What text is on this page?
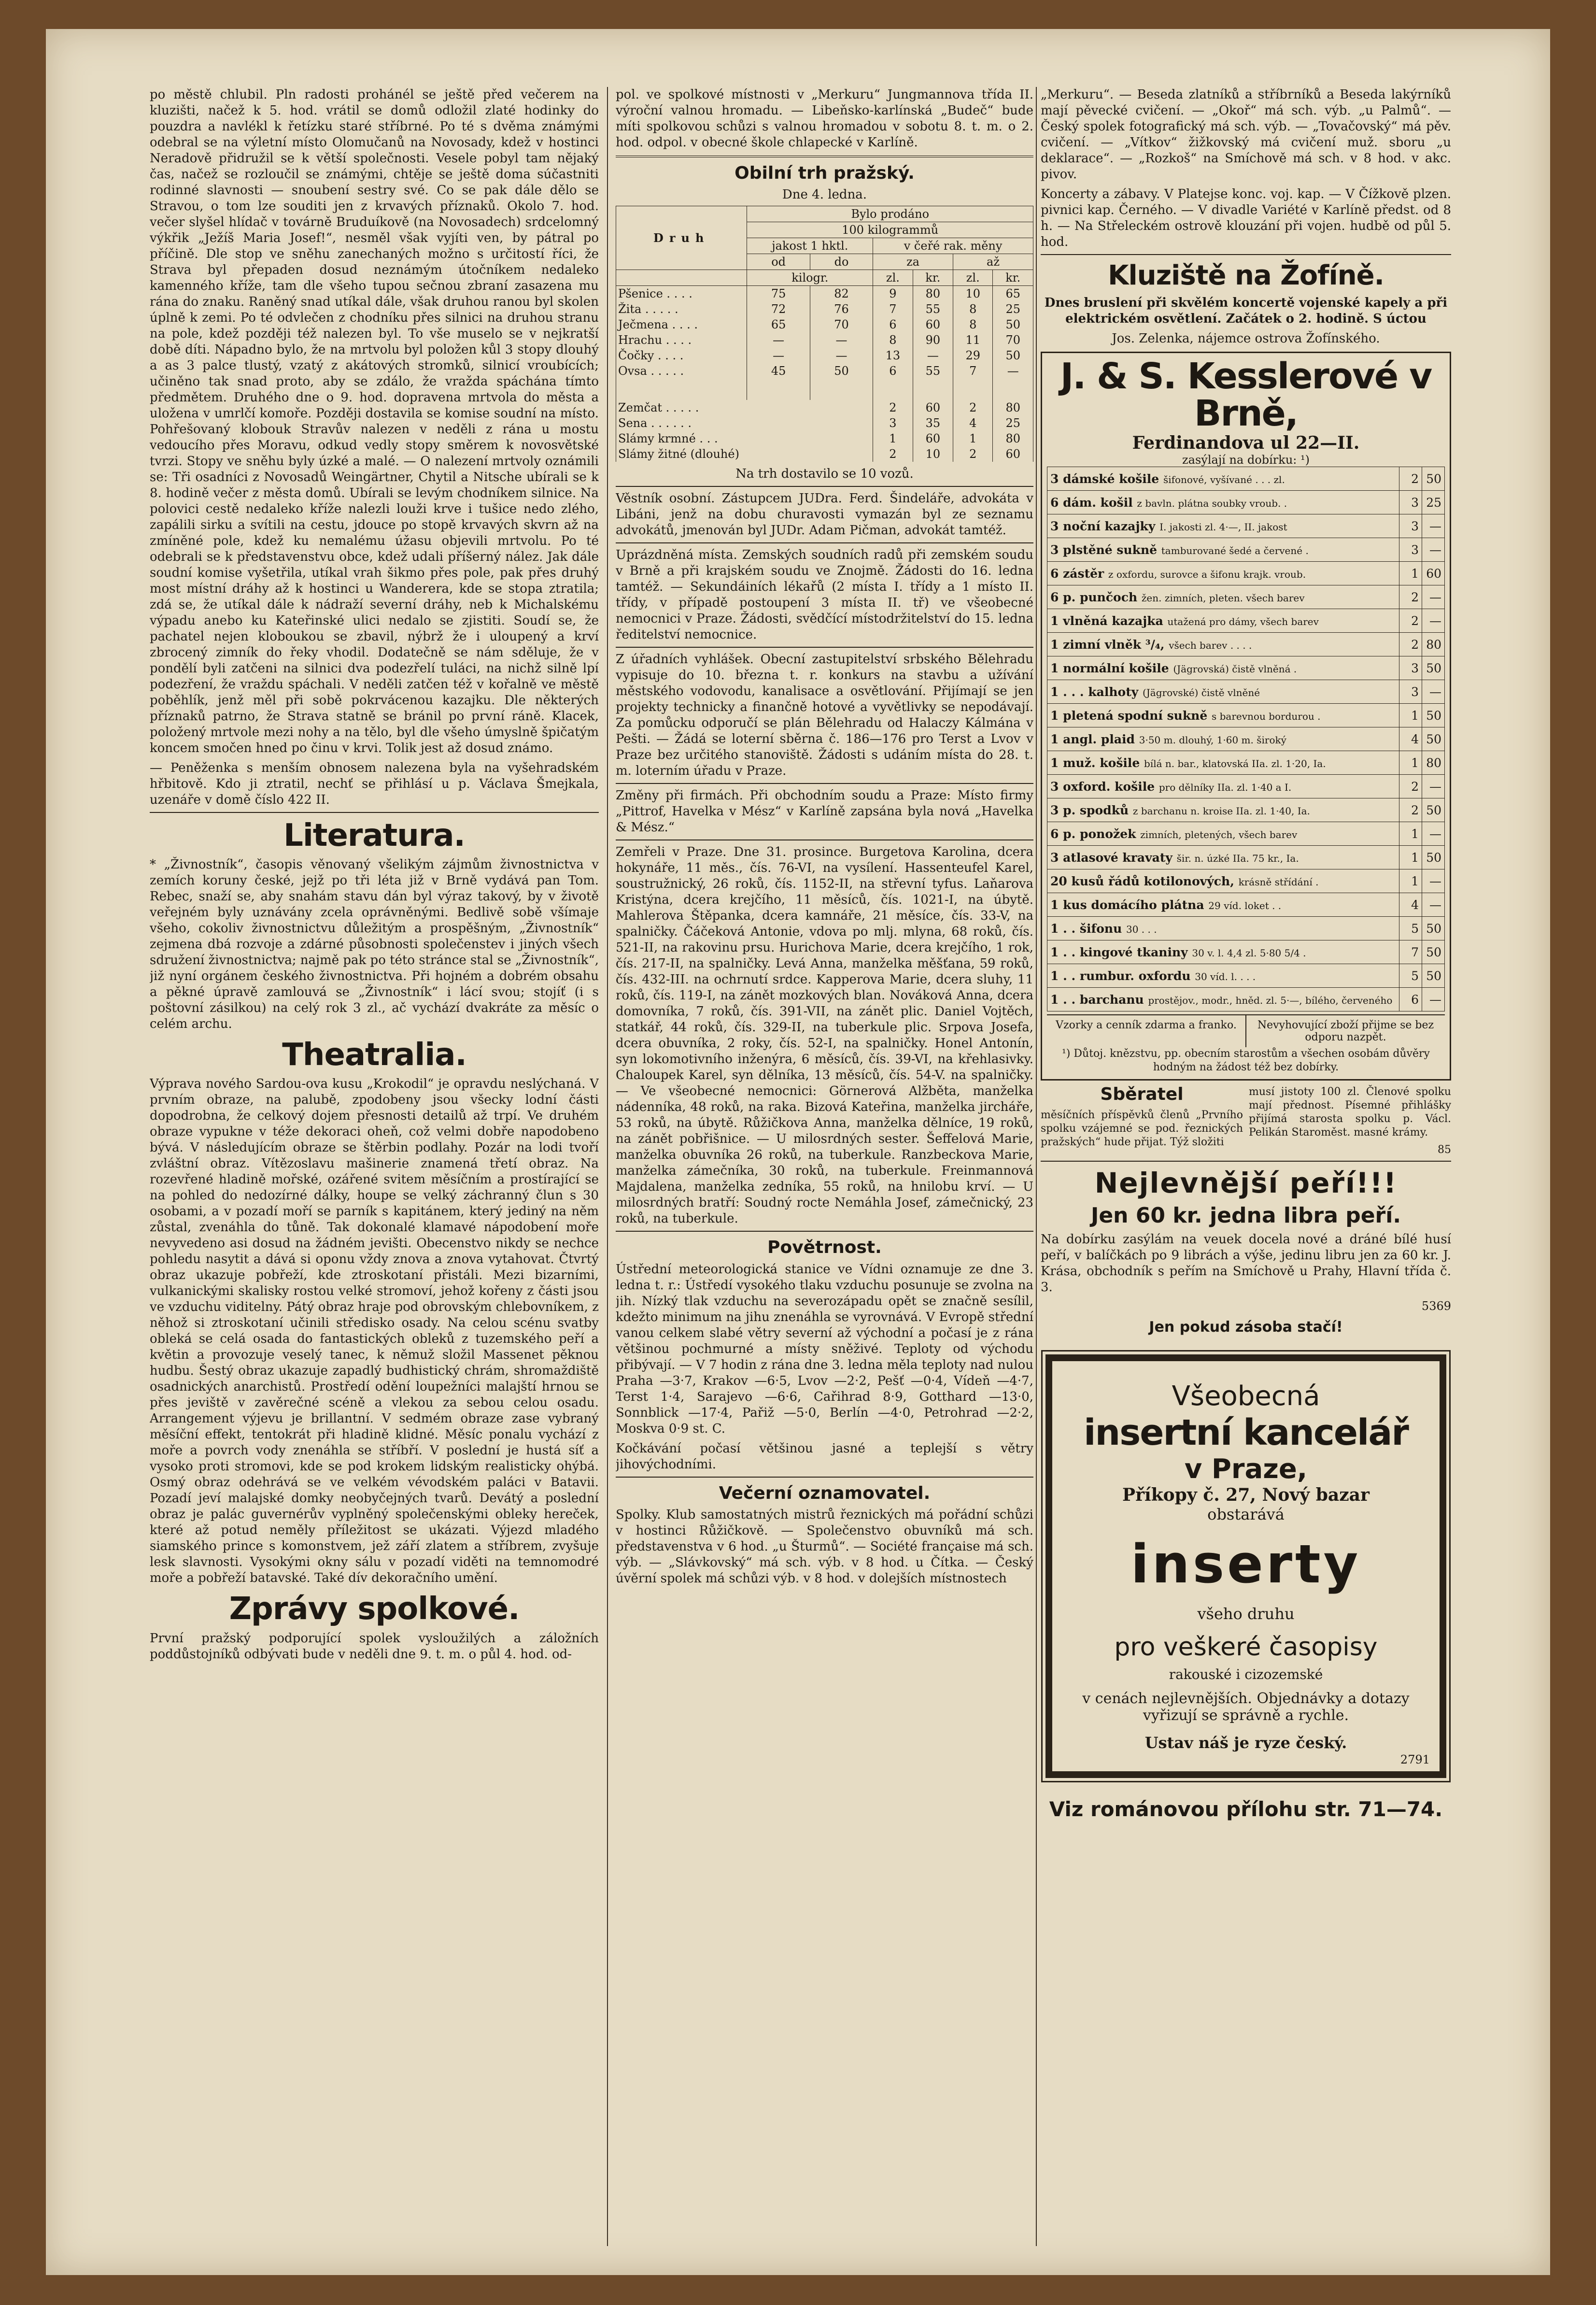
po městě chlubil. Pln radosti prohánél se ještě před večerem na kluzišti, načež k 5. hod. vrátil se domů odložil zlaté hodinky do pouzdra a navlékl k řetízku staré stříbrné. Po té s dvěma známými odebral se na výletní místo Olomučanů na Novosady, kdež v hostinci Neradově přidružil se k větší společnosti. Vesele pobyl tam nějaký čas, načež se rozloučil se známými, chtěje se ještě doma súčastniti rodinné slavnosti — snoubení sestry své. Co se pak dále dělo se Stravou, o tom lze souditi jen z krvavých příznaků. Okolo 7. hod. večer slyšel hlídač v továrně Bruduíkově (na Novosadech) srdcelomný výkřik „Ježíš Maria Josef!“, nesměl však vyjíti ven, by pátral po příčině. Dle stop ve sněhu zanechaných možno s určitostí říci, že Strava byl přepaden dosud neznámým útočníkem nedaleko kamenného kříže, tam dle všeho tupou sečnou zbraní zasazena mu rána do znaku. Raněný snad utíkal dále, však druhou ranou byl skolen úplně k zemi. Po té odvlečen z chodníku přes silnici na druhou stranu na pole, kdež později též nalezen byl. To vše muselo se v nejkratší době díti. Nápadno bylo, že na mrtvolu byl položen kůl 3 stopy dlouhý a as 3 palce tlustý, vzatý z akátových stromků, silnicí vroubících; učiněno tak snad proto, aby se zdálo, že vražda spáchána tímto předmětem. Druhého dne o 9. hod. dopravena mrtvola do města a uložena v umrlčí komoře. Později dostavila se komise soudní na místo. Pohřešovaný klobouk Stravův nalezen v neděli z rána u mostu vedoucího přes Moravu, odkud vedly stopy směrem k novosvětské tvrzi. Stopy ve sněhu byly úzké a malé. — O nalezení mrtvoly oznámili se: Tři osadníci z Novosadů Weingärtner, Chytil a Nitsche ubírali se k 8. hodině večer z města domů. Ubírali se levým chodníkem silnice. Na polovici cestě nedaleko kříže nalezli louži krve i tušice nedo zlého, zapálili sirku a svítili na cestu, jdouce po stopě krvavých skvrn až na zmíněné pole, kdež ku nemalému úžasu objevili mrtvolu. Po té odebrali se k představenstvu obce, kdež udali příšerný nález. Jak dále soudní komise vyšetřila, utíkal vrah šikmo přes pole, pak přes druhý most místní dráhy až k hostinci u Wanderera, kde se stopa ztratila; zdá se, že utíkal dále k nádraží severní dráhy, neb k Michalskému výpadu anebo ku Kateřinské ulici nedalo se zjistiti. Soudí se, že pachatel nejen kloboukou se zbavil, nýbrž že i uloupený a krví zbrocený zimník do řeky vhodil. Dodatečně se nám sděluje, že v pondělí byli zatčeni na silnici dva podezřelí tuláci, na nichž silně lpí podezření, že vraždu spáchali. V neděli zatčen též v kořalně ve městě poběhlík, jenž měl při sobě pokrvácenou kazajku. Dle některých příznaků patrno, že Strava statně se bránil po první ráně. Klacek, položený mrtvole mezi nohy a na tělo, byl dle všeho úmyslně špičatým koncem smočen hned po činu v krvi. Tolik jest až dosud známo.

— Peněženka s menším obnosem nalezena byla na vyšehradském hřbitově. Kdo ji ztratil, nechť se přihlásí u p. Václava Šmejkala, uzenáře v domě číslo 422 II.

Literatura.

* „Živnostník“, časopis věnovaný všelikým zájmům živnostnictva v zemích koruny české, jejž po tři léta již v Brně vydává pan Tom. Rebec, snaží se, aby snahám stavu dán byl výraz takový, by v životě veřejném byly uznávány zcela oprávněnými. Bedlivě sobě všímaje všeho, cokoliv živnostnictvu důležitým a prospěšným, „Živnostník“ zejmena dbá rozvoje a zdárné působnosti společenstev i jiných všech sdružení živnostnictva; najmě pak po této stránce stal se „Živnostník“, již nyní orgánem českého živnostnictva. Při hojném a dobrém obsahu a pěkné úpravě zamlouvá se „Živnostník“ i lácí svou; stojíť (i s poštovní zásilkou) na celý rok 3 zl., ač vychází dvakráte za měsíc o celém archu.

Theatralia.

Výprava nového Sardou-ova kusu „Krokodil“ je opravdu neslýchaná. V prvním obraze, na palubě, zpodobeny jsou všecky lodní části dopodrobna, že celkový dojem přesnosti detailů až trpí. Ve druhém obraze vypukne v téže dekoraci oheň, což velmi dobře napodobeno bývá. V následujícím obraze se štěrbin podlahy. Pozár na lodi tvoří zvláštní obraz. Vítězoslavu mašinerie znamená třetí obraz. Na rozevřené hladině mořské, ozářené svitem měsíčním a prostírající se na pohled do nedozírné dálky, houpe se velký záchranný člun s 30 osobami, a v pozadí moří se parník s kapitánem, který jediný na něm zůstal, zvenáhla do tůně. Tak dokonalé klamavé nápodobení moře nevyvedeno asi dosud na žádném jevišti. Obecenstvo nikdy se nechce pohledu nasytit a dává si oponu vždy znova a znova vytahovat. Čtvrtý obraz ukazuje pobřeží, kde ztroskotaní přistáli. Mezi bizarními, vulkanickými skalisky rostou velké stromoví, jehož kořeny z části jsou ve vzduchu viditelny. Pátý obraz hraje pod obrovským chlebovníkem, z něhož si ztroskotaní učinili středisko osady. Na celou scénu svatby obleká se celá osada do fantastických obleků z tuzemského peří a květin a provozuje veselý tanec, k němuž složil Massenet pěknou hudbu. Šestý obraz ukazuje zapadlý budhistický chrám, shromaždiště osadnických anarchistů. Prostředí odění loupežníci malajští hrnou se přes jeviště v zavěrečné scéně a vlekou za sebou celou osadu. Arrangement výjevu je brillantní. V sedmém obraze zase vybraný měsíční effekt, tentokrát při hladině klidné. Měsíc ponalu vychází z moře a povrch vody znenáhla se stříbří. V poslední je hustá síť a vysoko proti stromovi, kde se pod krokem lidským realisticky ohýbá. Osmý obraz odehrává se ve velkém vévodském paláci v Batavii. Pozadí jeví malajské domky neobyčejných tvarů. Devátý a poslední obraz je palác guvernérův vyplněný společenskými obleky hereček, které až potud neměly příležitost se ukázati. Výjezd mladého siamského prince s komonstvem, jež září zlatem a stříbrem, zvyšuje lesk slavnosti. Vysokými okny sálu v pozadí viděti na temnomodré moře a pobřeží batavské. Také dív dekoračního umění.

Zprávy spolkové.

První pražský podporující spolek vysloužilých a záložních poddůstojníků odbývati bude v neděli dne 9. t. m. o půl 4. hod. od-

pol. ve spolkové místnosti v „Merkuru“ Jungmannova třída II. výroční valnou hromadu. — Libeňsko-karlínská „Budeč“ bude míti spolkovou schůzi s valnou hromadou v sobotu 8. t. m. o 2. hod. odpol. v obecné škole chlapecké v Karlíně.

Obilní trh pražský.
Dne 4. ledna.
Druh	Bylo prodáno					
	100 kilogrammů					
	jakost 1 hktl.		v čeřé rak. měny			
	od	do	za		až	
	kilogr.		zl.	kr.	zl.	kr.
Pšenice . . . .	75	82	9	80	10	65
Žita . . . . .	72	76	7	55	8	25
Ječmena . . . .	65	70	6	60	8	50
Hrachu . . . .	—	—	8	90	11	70
Čočky . . . .	—	—	13	—	29	50
Ovsa . . . . .	45	50	6	55	7	—

Zemčat . . . . .			2	60	2	80
Sena . . . . . .			3	35	4	25
Slámy krmné . . .			1	60	1	80
Slámy žitné (dlouhé)			2	10	2	60
Na trh dostavilo se 10 vozů.

Věstník osobní. Zástupcem JUDra. Ferd. Šindeláře, advokáta v Libáni, jenž na dobu churavosti vymazán byl ze seznamu advokátů, jmenován byl JUDr. Adam Pičman, advokát tamtéž.

Uprázdněná místa. Zemských soudních radů při zemském soudu v Brně a při krajském soudu ve Znojmě. Žádosti do 16. ledna tamtéž. — Sekundáiních lékařů (2 místa I. třídy a 1 místo II. třídy, v případě postoupení 3 místa II. tř) ve všeobecné nemocnici v Praze. Žádosti, svědčící místodržitelství do 15. ledna ředitelství nemocnice.

Z úřadních vyhlášek. Obecní zastupitelství srbského Bělehradu vypisuje do 10. března t. r. konkurs na stavbu a užívání městského vodovodu, kanalisace a osvětlování. Přijímají se jen projekty technicky a finančně hotové a vyvětlivky se nepodávají. Za pomůcku odporučí se plán Bělehradu od Halaczy Kálmána v Pešti. — Žádá se loterní sběrna č. 186—176 pro Terst a Lvov v Praze bez určitého stanoviště. Žádosti s udáním místa do 28. t. m. loterním úřadu v Praze.

Změny při firmách. Při obchodním soudu a Praze: Místo firmy „Pittrof, Havelka v Mész“ v Karlíně zapsána byla nová „Havelka & Mész.“

Zemřeli v Praze. Dne 31. prosince. Burgetova Karolina, dcera hokynáře, 11 měs., čís. 76-VI, na vysílení. Hassenteufel Karel, soustružnický, 26 roků, čís. 1152-II, na střevní tyfus. Laňarova Kristýna, dcera krejčího, 11 měsíců, čís. 1021-I, na úbytě. Mahlerova Štěpanka, dcera kamnáře, 21 měsíce, čís. 33-V, na spalničky. Čáčeková Antonie, vdova po mlj. mlyna, 68 roků, čís. 521-II, na rakovinu prsu. Hurichova Marie, dcera krejčího, 1 rok, čís. 217-II, na spalničky. Levá Anna, manželka měšťana, 59 roků, čís. 432-III. na ochrnutí srdce. Kapperova Marie, dcera sluhy, 11 roků, čís. 119-I, na zánět mozkových blan. Nováková Anna, dcera domovníka, 7 roků, čís. 391-VII, na zánět plic. Daniel Vojtěch, statkář, 44 roků, čís. 329-II, na tuberkule plic. Srpova Josefa, dcera obuvníka, 2 roky, čís. 52-I, na spalničky. Honel Antonín, syn lokomotivního inženýra, 6 měsíců, čís. 39-VI, na křehlasivky. Chaloupek Karel, syn dělníka, 13 měsíců, čís. 54-V. na spalničky. — Ve všeobecné nemocnici: Görnerová Alžběta, manželka nádenníka, 48 roků, na raka. Bizová Kateřina, manželka jircháře, 53 roků, na úbytě. Růžičkova Anna, manželka dělníce, 19 roků, na zánět pobřišnice. — U milosrdných sester. Šeffelová Marie, manželka obuvníka 26 roků, na tuberkule. Ranzbeckova Marie, manželka zámečníka, 30 roků, na tuberkule. Freinmannová Majdalena, manželka zedníka, 55 roků, na hnilobu krví. — U milosrdných bratří: Soudný rocte Nemáhla Josef, zámečnický, 23 roků, na tuberkule.

Povětrnost.

Ústřední meteorologická stanice ve Vídni oznamuje ze dne 3. ledna t. r.: Ústředí vysokého tlaku vzduchu posunuje se zvolna na jih. Nízký tlak vzduchu na severozápadu opět se značně sesílil, kdežto minimum na jihu znenáhla se vyrovnává. V Evropě střední vanou celkem slabé větry severní až východní a počasí je z rána většinou pochmurné a místy sněživé. Teploty od východu přibývají. — V 7 hodin z rána dne 3. ledna měla teploty nad nulou Praha —3·7, Krakov —6·5, Lvov —2·2, Pešť —0·4, Vídeň —4·7, Terst 1·4, Sarajevo —6·6, Cařihrad 8·9, Gotthard —13·0, Sonnblick —17·4, Pařiž —5·0, Berlín —4·0, Petrohrad —2·2, Moskva 0·9 st. C.

Kočkávání počasí většinou jasné a teplejší s větry jihovýchodními.

Večerní oznamovatel.

Spolky. Klub samostatných mistrů řeznických má pořádní schůzi v hostinci Růžičkově. — Společenstvo obuvníků má sch. představenstva v 6 hod. „u Šturmů“. — Société française má sch. výb. — „Slávkovský“ má sch. výb. v 8 hod. u Čítka. — Český úvěrní spolek má schůzi výb. v 8 hod. v dolejších místnostech

„Merkuru“. — Beseda zlatníků a stříbrníků a Beseda lakýrníků mají pěvecké cvičení. — „Okoř“ má sch. výb. „u Palmů“. — Český spolek fotografický má sch. výb. — „Tovačovský“ má pěv. cvičení. — „Vítkov“ žižkovský má cvičení muž. sboru „u deklarace“. — „Rozkoš“ na Smíchově má sch. v 8 hod. v akc. pivov.

Koncerty a zábavy. V Platejse konc. voj. kap. — V Čížkově plzen. pivnici kap. Černého. — V divadle Variété v Karlíně předst. od 8 h. — Na Střeleckém ostrově klouzání při vojen. hudbě od půl 5. hod.

Kluziště na Žofíně.

Dnes bruslení při skvělém koncertě vojenské kapely a při elektrickém osvětlení. Začátek o 2. hodině. S úctou

Jos. Zelenka, nájemce ostrova Žofínského.

J. & S. Kesslerové v Brně,
Ferdinandova ul 22—II.
zasýlají na dobírku: ¹)
3 dámské košile šifonové, vyšívané . . . zl.	2	50
6 dám. košil z bavln. plátna soubky vroub. .	3	25
3 noční kazajky I. jakosti zl. 4·—, II. jakost	3	—
3 plstěné sukně tamburované šedé a červené .	3	—
6 zástěr z oxfordu, surovce a šifonu krajk. vroub.	1	60
6 p. punčoch žen. zimních, pleten. všech barev	2	—
1 vlněná kazajka utažená pro dámy, všech barev	2	—
1 zimní vlněk ³/₄, všech barev . . . .	2	80
1 normální košile (Jägrovská) čistě vlněná .	3	50
1 . . . kalhoty (Jägrovské) čistě vlněné	3	—
1 pletená spodní sukně s barevnou bordurou .	1	50
1 angl. plaid 3·50 m. dlouhý, 1·60 m. široký	4	50
1 muž. košile bílá n. bar., klatovská IIa. zl. 1·20, Ia.	1	80
3 oxford. košile pro dělníky IIa. zl. 1·40 a I.	2	—
3 p. spodků z barchanu n. kroise IIa. zl. 1·40, Ia.	2	50
6 p. ponožek zimních, pletených, všech barev	1	—
3 atlasové kravaty šir. n. úzké IIa. 75 kr., Ia.	1	50
20 kusů řádů kotilonových, krásně střídání .	1	—
1 kus domácího plátna 29 víd. loket . .	4	—
1 . . šifonu 30 . . .	5	50
1 . . kingové tkaniny 30 v. l. 4,4 zl. 5·80 5/4 .	7	50
1 . . rumbur. oxfordu 30 víd. l. . . .	5	50
1 . . barchanu prostějov., modr., hněd. zl. 5·—, bílého, červeného	6	—
Vzorky a cenník zdarma a franko.	Nevyhovující zboží přijme se bez odporu nazpět.
¹) Důtoj. knězstvu, pp. obecním starostům a všechen osobám důvěry hodným na žádost též bez dobírky.
Sběratel

měsíčních příspěvků členů „Prvního spolku vzájemné se pod. řeznických pražských“ hude přijat. Týž složiti

musí jistoty 100 zl. Členové spolku mají přednost. Písemné přihlášky přijímá starosta spolku p. Václ. Pelikán Staroměst. masné krámy.

85
Nejlevnější peří!!!
Jen 60 kr. jedna libra peří.

Na dobírku zasýlám na veuek docela nové a dráné bílé husí peří, v balíčkách po 9 librách a výše, jedinu libru jen za 60 kr. J. Krása, obchodník s peřím na Smíchově u Prahy, Hlavní třída č. 3.

5369
Jen pokud zásoba stačí!
Všeobecná
insertní kancelář
v Praze,
Příkopy č. 27, Nový bazar
obstarává
inserty
všeho druhu
pro veškeré časopisy
rakouské i cizozemské
v cenách nejlevnějších. Objednávky a dotazy vyřizují se správně a rychle.
Ustav náš je ryze český.
2791
Viz románovou přílohu str. 71—74.
